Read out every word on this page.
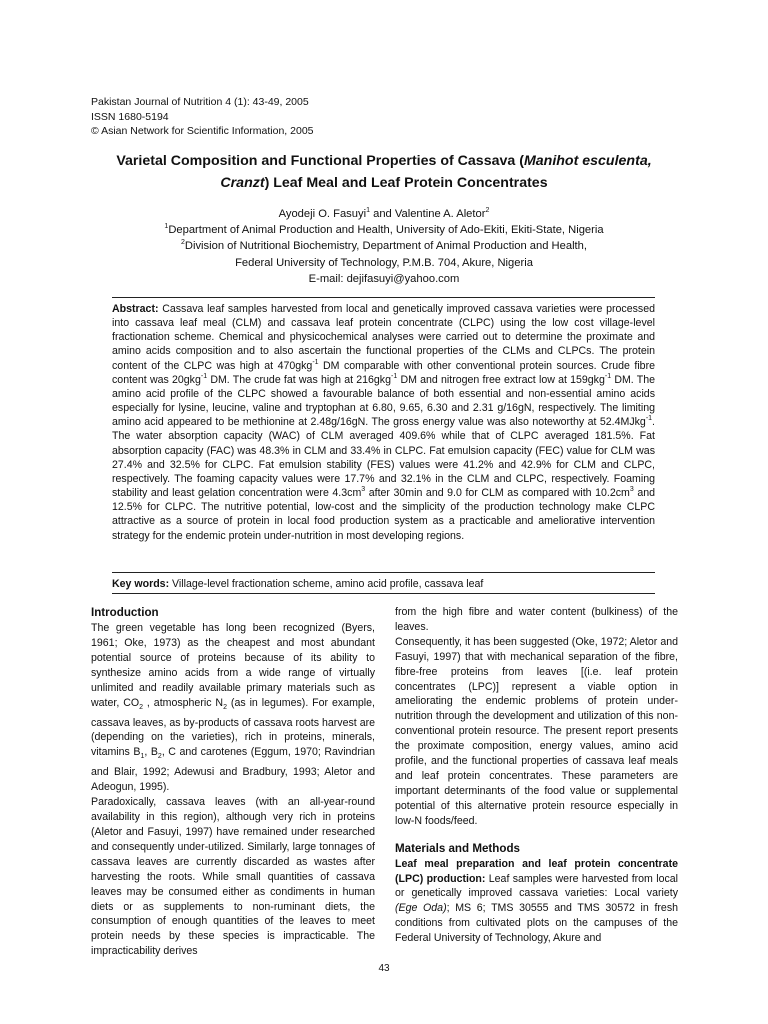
Pakistan Journal of Nutrition 4 (1): 43-49, 2005
ISSN 1680-5194
© Asian Network for Scientific Information, 2005
Varietal Composition and Functional Properties of Cassava (Manihot esculenta,
Cranzt) Leaf Meal and Leaf Protein Concentrates
Ayodeji O. Fasuyi$^1$ and Valentine A. Aletor$^2$
$^1$Department of Animal Production and Health, University of Ado-Ekiti, Ekiti-State, Nigeria
$^2$Division of Nutritional Biochemistry, Department of Animal Production and Health,
Federal University of Technology, P.M.B. 704, Akure, Nigeria
E-mail: dejifasuyi@yahoo.com
Abstract: Cassava leaf samples harvested from local and genetically improved cassava varieties were processed into cassava leaf meal (CLM) and cassava leaf protein concentrate (CLPC) using the low cost village-level fractionation scheme. Chemical and physicochemical analyses were carried out to determine the proximate and amino acids composition and to also ascertain the functional properties of the CLMs and CLPCs. The protein content of the CLPC was high at 470gkg$^{-1}$ DM comparable with other conventional protein sources. Crude fibre content was 20gkg$^{-1}$ DM. The crude fat was high at 216gkg$^{-1}$ DM and nitrogen free extract low at 159gkg$^{-1}$ DM. The amino acid profile of the CLPC showed a favourable balance of both essential and non-essential amino acids especially for lysine, leucine, valine and tryptophan at 6.80, 9.65, 6.30 and 2.31 g/16gN, respectively. The limiting amino acid appeared to be methionine at 2.48g/16gN. The gross energy value was also noteworthy at 52.4MJkg$^{-1}$. The water absorption capacity (WAC) of CLM averaged 409.6% while that of CLPC averaged 181.5%. Fat absorption capacity (FAC) was 48.3% in CLM and 33.4% in CLPC. Fat emulsion capacity (FEC) value for CLM was 27.4% and 32.5% for CLPC. Fat emulsion stability (FES) values were 41.2% and 42.9% for CLM and CLPC, respectively. The foaming capacity values were 17.7% and 32.1% in the CLM and CLPC, respectively. Foaming stability and least gelation concentration were $4.3cm^3$ after 30min and 9.0 for CLM as compared with $10.2cm^3$ and 12.5% for CLPC. The nutritive potential, low-cost and the simplicity of the production technology make CLPC attractive as a source of protein in local food production system as a practicable and ameliorative intervention strategy for the endemic protein under-nutrition in most developing regions.
Key words: Village-level fractionation scheme, amino acid profile, cassava leaf
Introduction

The green vegetable has long been recognized (Byers, 1961; Oke, 1973) as the cheapest and most abundant potential source of proteins because of its ability to synthesize amino acids from a wide range of virtually unlimited and readily available primary materials such as water, $CO_2$ , atmospheric $N_2$ (as in legumes). For example, cassava leaves, as by-products of cassava roots harvest are (depending on the varieties), rich in proteins, minerals, vitamins $B_1$, $B_2$, C and carotenes (Eggum, 1970; Ravindrian and Blair, 1992; Adewusi and Bradbury, 1993; Aletor and Adeogun, 1995).

Paradoxically, cassava leaves (with an all-year-round availability in this region), although very rich in proteins (Aletor and Fasuyi, 1997) have remained under researched and consequently under-utilized. Similarly, large tonnages of cassava leaves are currently discarded as wastes after harvesting the roots. While small quantities of cassava leaves may be consumed either as condiments in human diets or as supplements to non-ruminant diets, the consumption of enough quantities of the leaves to meet protein needs by these species is impracticable. The impracticability derives

from the high fibre and water content (bulkiness) of the leaves.

Consequently, it has been suggested (Oke, 1972; Aletor and Fasuyi, 1997) that with mechanical separation of the fibre, fibre-free proteins from leaves [(i.e. leaf protein concentrates (LPC)] represent a viable option in ameliorating the endemic problems of protein under-nutrition through the development and utilization of this non-conventional protein resource. The present report presents the proximate composition, energy values, amino acid profile, and the functional properties of cassava leaf meals and leaf protein concentrates. These parameters are important determinants of the food value or supplemental potential of this alternative protein resource especially in low-N foods/feed.

Materials and Methods

Leaf meal preparation and leaf protein concentrate (LPC) production: Leaf samples were harvested from local or genetically improved cassava varieties: Local variety (Ege Oda); MS 6; TMS 30555 and TMS 30572 in fresh conditions from cultivated plots on the campuses of the Federal University of Technology, Akure and

43
